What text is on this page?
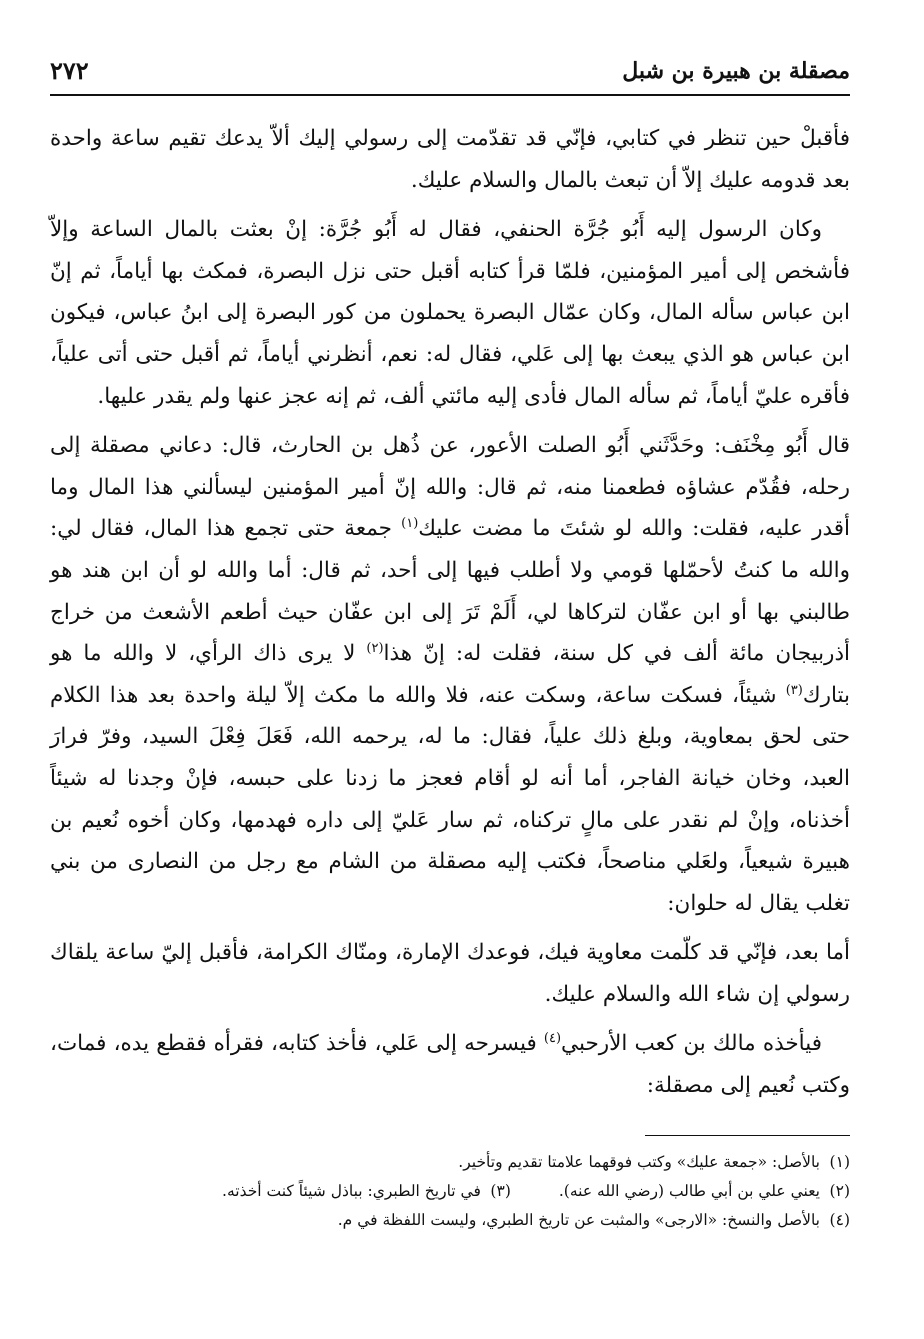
مصقلة بن هبيرة بن شبل
٢٧٢

فأقبلْ حين تنظر في كتابي، فإنّي قد تقدّمت إلى رسولي إليك ألاّ يدعك تقيم ساعة واحدة بعد قدومه عليك إلاّ أن تبعث بالمال والسلام عليك.

وكان الرسول إليه أَبُو جُرَّة الحنفي، فقال له أَبُو جُرَّة: إنْ بعثت بالمال الساعة وإلاّ فأشخص إلى أمير المؤمنين، فلمّا قرأ كتابه أقبل حتى نزل البصرة، فمكث بها أياماً، ثم إنّ ابن عباس سأله المال، وكان عمّال البصرة يحملون من كور البصرة إلى ابنُ عباس، فيكون ابن عباس هو الذي يبعث بها إلى عَلي، فقال له: نعم، أنظرني أياماً، ثم أقبل حتى أتى علياً، فأقره عليّ أياماً، ثم سأله المال فأدى إليه مائتي ألف، ثم إنه عجز عنها ولم يقدر عليها.

قال أَبُو مِخْنَف: وحَدَّثَني أَبُو الصلت الأعور، عن ذُهل بن الحارث، قال: دعاني مصقلة إلى رحله، فقُدّم عشاؤه فطعمنا منه، ثم قال: والله إنّ أمير المؤمنين ليسألني هذا المال وما أقدر عليه، فقلت: والله لو شئتَ ما مضت عليك$^{(١)}$ جمعة حتى تجمع هذا المال، فقال لي: والله ما كنتُ لأحمّلها قومي ولا أطلب فيها إلى أحد، ثم قال: أما والله لو أن ابن هند هو طالبني بها أو ابن عفّان لتركاها لي، أَلَمْ تَرَ إلى ابن عفّان حيث أطعم الأشعث من خراج أذربيجان مائة ألف في كل سنة، فقلت له: إنّ هذا$^{(٢)}$ لا يرى ذاك الرأي، لا والله ما هو بتارك$^{(٣)}$ شيئاً، فسكت ساعة، وسكت عنه، فلا والله ما مكث إلاّ ليلة واحدة بعد هذا الكلام حتى لحق بمعاوية، وبلغ ذلك علياً، فقال: ما له، يرحمه الله، فَعَلَ فِعْلَ السيد، وفرّ فرارَ العبد، وخان خيانة الفاجر، أما أنه لو أقام فعجز ما زدنا على حبسه، فإنْ وجدنا له شيئاً أخذناه، وإنْ لم نقدر على مالٍ تركناه، ثم سار عَليّ إلى داره فهدمها، وكان أخوه نُعيم بن هبيرة شيعياً، ولعَلي مناصحاً، فكتب إليه مصقلة من الشام مع رجل من النصارى من بني تغلب يقال له حلوان:

أما بعد، فإنّي قد كلّمت معاوية فيك، فوعدك الإمارة، ومنّاك الكرامة، فأقبل إليّ ساعة يلقاك رسولي إن شاء الله والسلام عليك.

فيأخذه مالك بن كعب الأرحبي$^{(٤)}$ فيسرحه إلى عَلي، فأخذ كتابه، فقرأه فقطع يده، فمات، وكتب نُعيم إلى مصقلة:

(١)بالأصل: «جمعة عليك» وكتب فوقهما علامتا تقديم وتأخير.
(٢)يعني علي بن أبي طالب (رضي الله عنه).
(٣)في تاريخ الطبري: بباذل شيئاً كنت أخذته.
(٤)بالأصل والنسخ: «الارجى» والمثبت عن تاريخ الطبري، وليست اللفظة في م.
